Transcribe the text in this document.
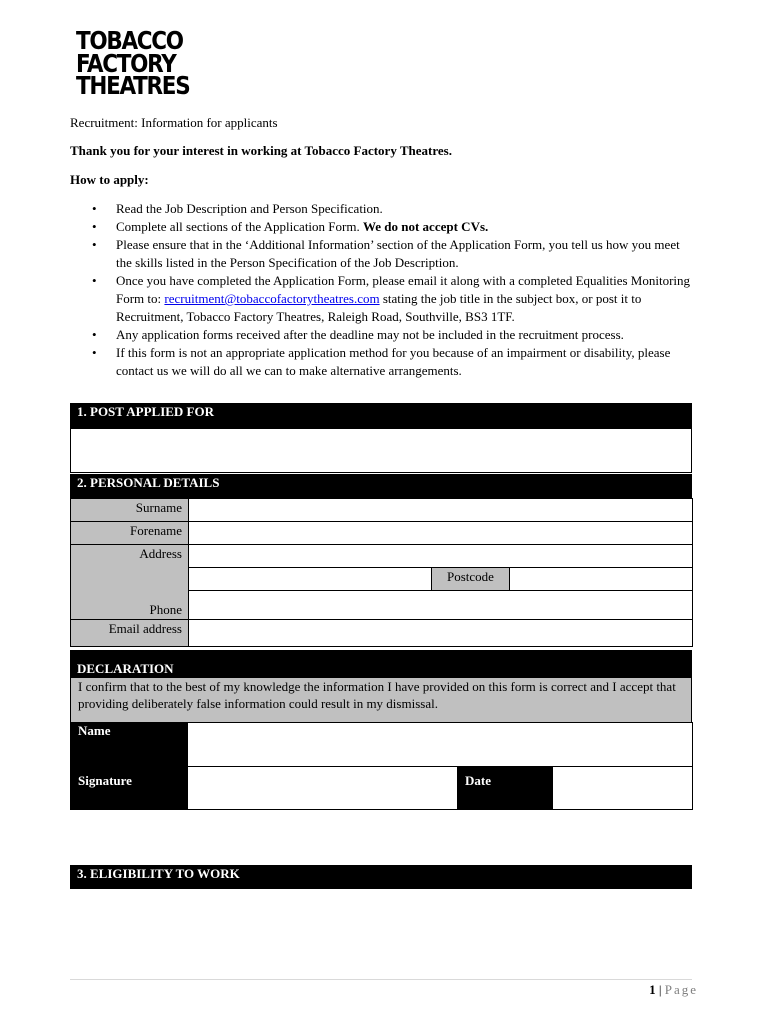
TOBACCO
FACTORY
THEATRES

Recruitment: Information for applicants

Thank you for your interest in working at Tobacco Factory Theatres.

How to apply:

• Read the Job Description and Person Specification.
• Complete all sections of the Application Form. We do not accept CVs.
• Please ensure that in the ‘Additional Information’ section of the Application Form, you tell us how you meet the skills listed in the Person Specification of the Job Description.
• Once you have completed the Application Form, please email it along with a completed Equalities Monitoring Form to: recruitment@tobaccofactorytheatres.com stating the job title in the subject box, or post it to Recruitment, Tobacco Factory Theatres, Raleigh Road, Southville, BS3 1TF.
• Any application forms received after the deadline may not be included in the recruitment process.
• If this form is not an appropriate application method for you because of an impairment or disability, please contact us we will do all we can to make alternative arrangements.
1. POST APPLIED FOR
2. PERSONAL DETAILS
Surname			
Forename			
Address			
		Postcode	
Phone			
Email address			
DECLARATION
I confirm that to the best of my knowledge the information I have provided on this form is correct and I accept that providing deliberately false information could result in my dismissal.
Name			
Signature		Date	
3. ELIGIBILITY TO WORK
1 | Page
